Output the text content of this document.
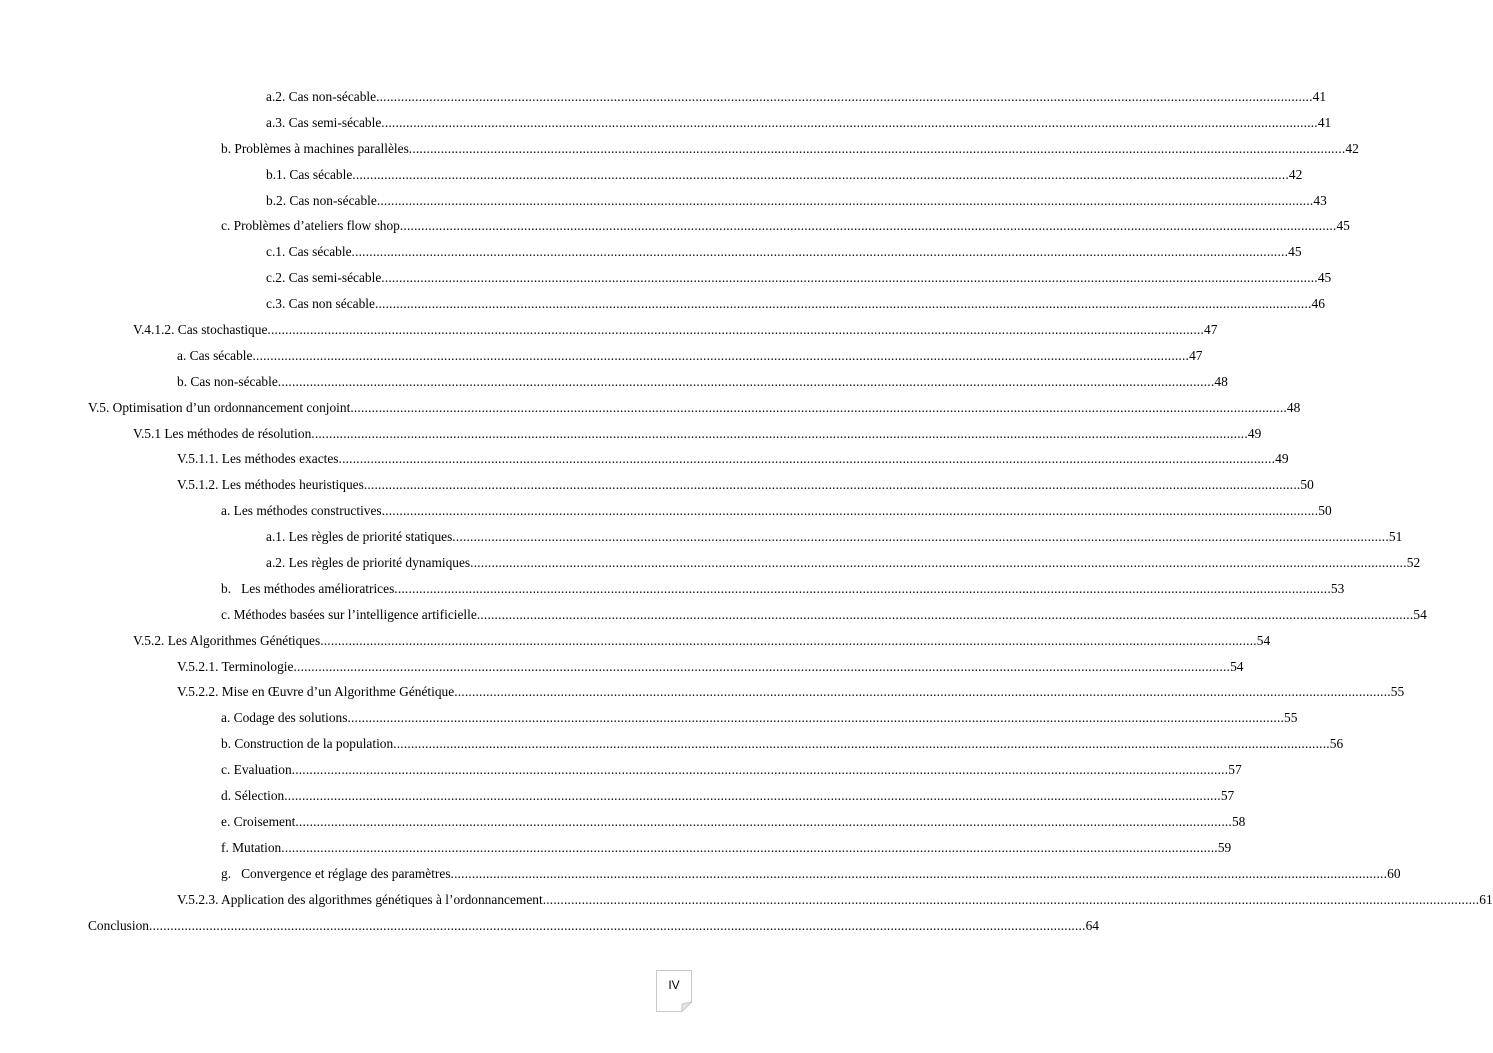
a.2. Cas non-sécable .....	41
a.3. Cas semi-sécable .....	41
b. Problèmes à machines parallèles .....	42
b.1. Cas sécable .....	42
b.2. Cas non-sécable .....	43
c. Problèmes d’ateliers flow shop .....	45
c.1. Cas sécable .....	45
c.2. Cas semi-sécable .....	45
c.3. Cas non sécable .....	46
V.4.1.2. Cas stochastique .....	47
a. Cas sécable .....	47
b. Cas non-sécable .....	48
V.5. Optimisation d’un ordonnancement conjoint .....	48
V.5.1 Les méthodes de résolution .....	49
V.5.1.1. Les méthodes exactes .....	49
V.5.1.2. Les méthodes heuristiques .....	50
a. Les méthodes constructives .....	50
a.1. Les règles de priorité statiques .....	51
a.2. Les règles de priorité dynamiques .....	52
b.   Les méthodes amélioratrices .....	53
c. Méthodes basées sur l’intelligence artificielle .....	54
V.5.2. Les Algorithmes Génétiques .....	54
V.5.2.1. Terminologie .....	54
V.5.2.2. Mise en Œuvre d’un Algorithme Génétique .....	55
a. Codage des solutions .....	55
b. Construction de la population .....	56
c. Evaluation .....	57
d. Sélection .....	57
e. Croisement .....	58
f. Mutation .....	59
g.   Convergence et réglage des paramètres .....	60
V.5.2.3. Application des algorithmes génétiques à l’ordonnancement .....	61
Conclusion .....	64
IV
